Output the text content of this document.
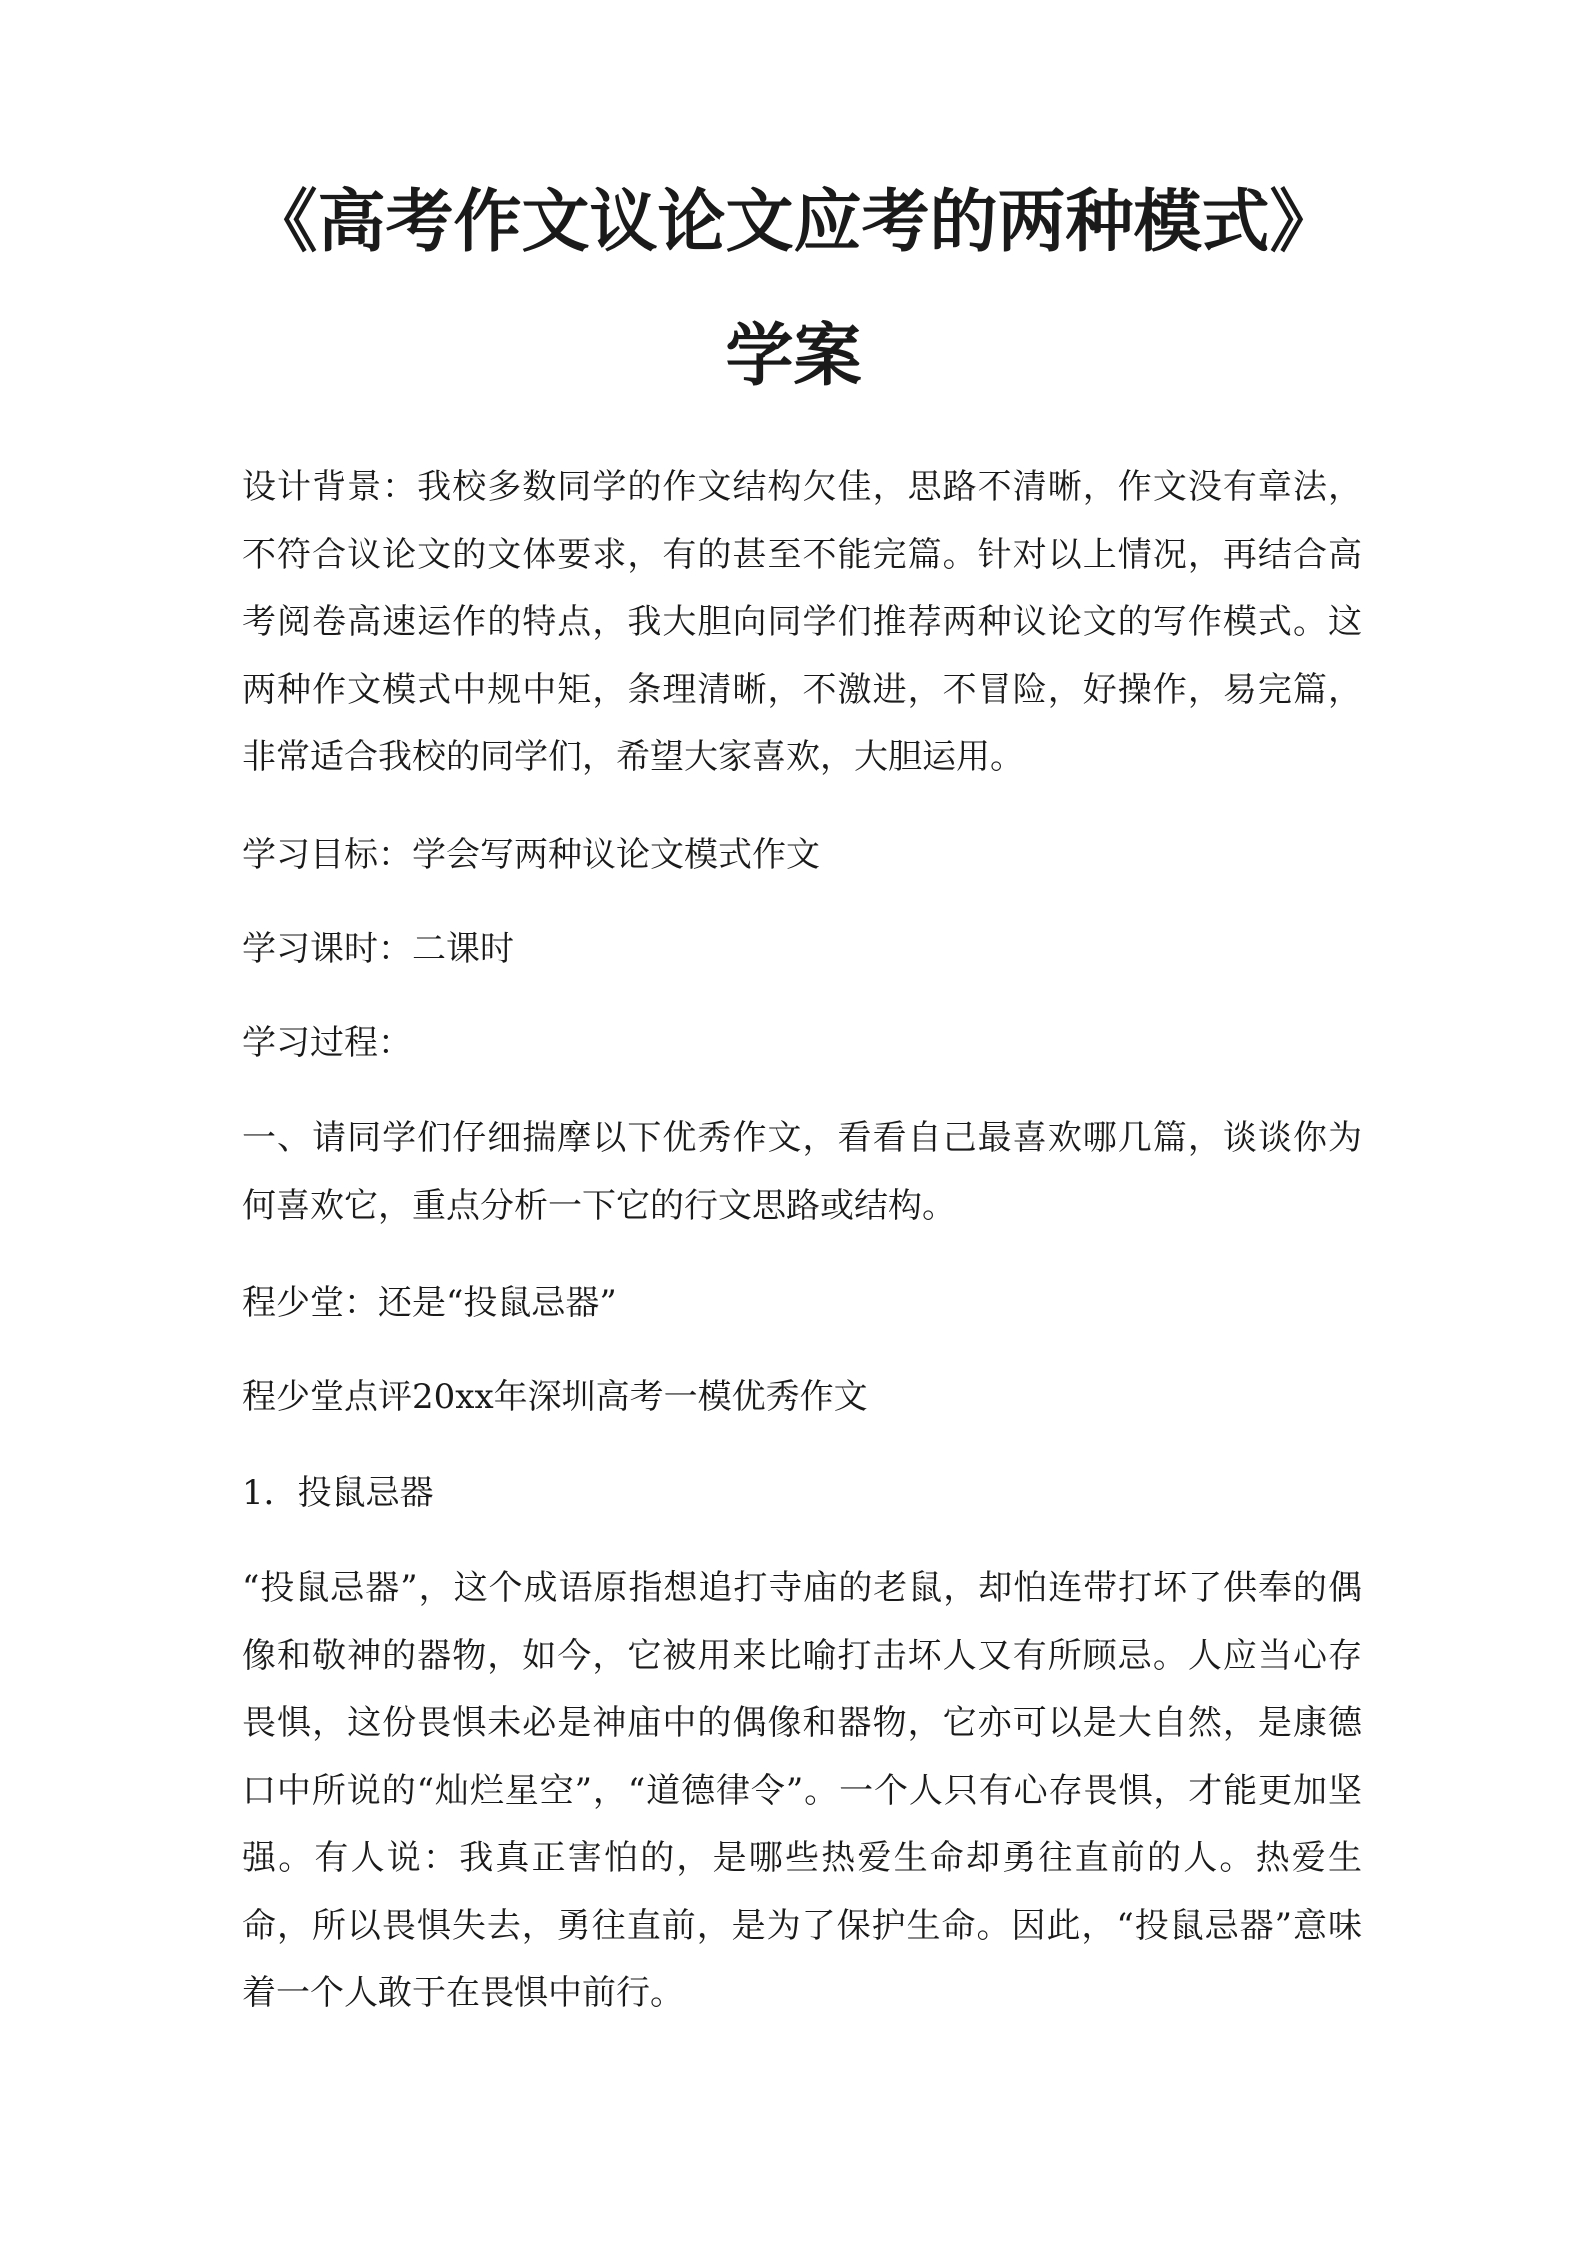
《高考作文议论文应考的两种模式》
学案

设计背景：我校多数同学的作文结构欠佳，思路不清晰，作文没有章法，不符合议论文的文体要求，有的甚至不能完篇。针对以上情况，再结合高考阅卷高速运作的特点，我大胆向同学们推荐两种议论文的写作模式。这两种作文模式中规中矩，条理清晰，不激进，不冒险，好操作，易完篇，非常适合我校的同学们，希望大家喜欢，大胆运用。

学习目标：学会写两种议论文模式作文

学习课时：二课时

学习过程：

一、请同学们仔细揣摩以下优秀作文，看看自己最喜欢哪几篇，谈谈你为何喜欢它，重点分析一下它的行文思路或结构。

程少堂：还是“投鼠忌器”

程少堂点评20xx年深圳高考一模优秀作文

1．投鼠忌器

“投鼠忌器”，这个成语原指想追打寺庙的老鼠，却怕连带打坏了供奉的偶像和敬神的器物，如今，它被用来比喻打击坏人又有所顾忌。人应当心存畏惧，这份畏惧未必是神庙中的偶像和器物，它亦可以是大自然，是康德口中所说的“灿烂星空”，“道德律令”。一个人只有心存畏惧，才能更加坚强。有人说：我真正害怕的，是哪些热爱生命却勇往直前的人。热爱生命，所以畏惧失去，勇往直前，是为了保护生命。因此，“投鼠忌器”意味着一个人敢于在畏惧中前行。
